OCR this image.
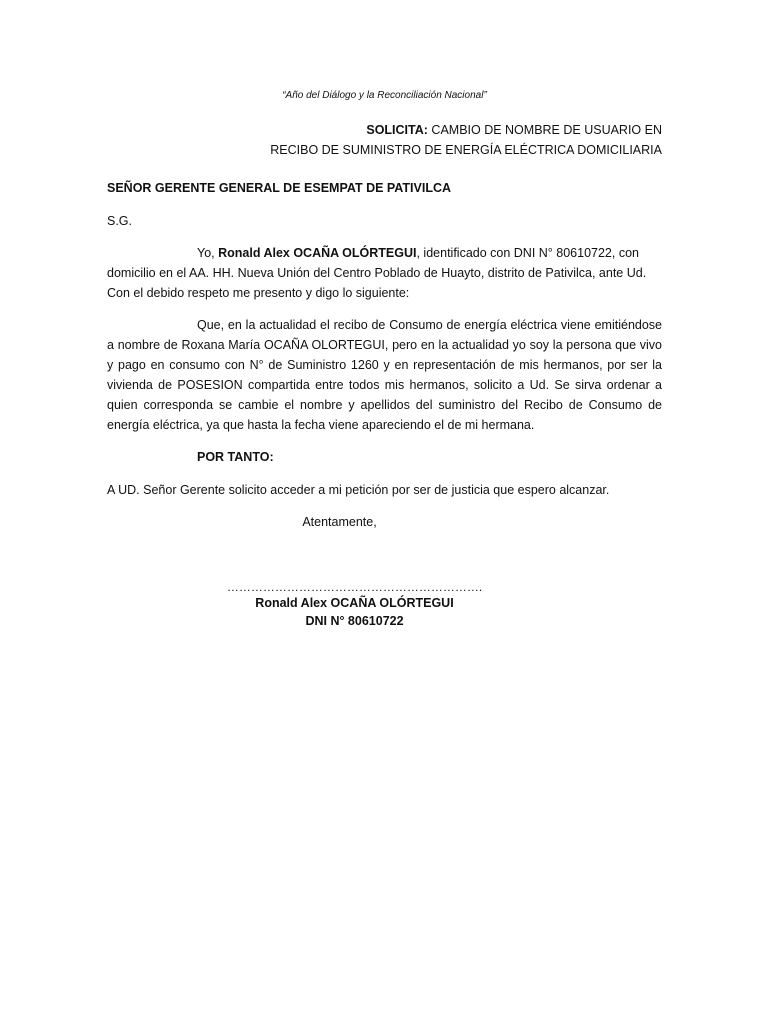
“Año del Diálogo y la Reconciliación Nacional”
SOLICITA: CAMBIO DE NOMBRE DE USUARIO EN
RECIBO DE SUMINISTRO DE ENERGÍA ELÉCTRICA DOMICILIARIA
SEÑOR GERENTE GENERAL DE ESEMPAT DE PATIVILCA
S.G.

Yo, Ronald Alex OCAÑA OLÓRTEGUI, identificado con DNI N° 80610722, con domicilio en el AA. HH. Nueva Unión del Centro Poblado de Huayto, distrito de Pativilca, ante Ud. Con el debido respeto me presento y digo lo siguiente:

Que, en la actualidad el recibo de Consumo de energía eléctrica viene emitiéndose a nombre de Roxana María OCAÑA OLORTEGUI, pero en la actualidad yo soy la persona que vivo y pago en consumo con N° de Suministro 1260 y en representación de mis hermanos, por ser la vivienda de POSESION compartida entre todos mis hermanos, solicito a Ud. Se sirva ordenar a quien corresponda se cambie el nombre y apellidos del suministro del Recibo de Consumo de energía eléctrica, ya que hasta la fecha viene apareciendo el de mi hermana.

POR TANTO:
A UD. Señor Gerente solicito acceder a mi petición por ser de justicia que espero alcanzar.
Atentamente,
……………………………………………………….
Ronald Alex OCAÑA OLÓRTEGUI
DNI N° 80610722
